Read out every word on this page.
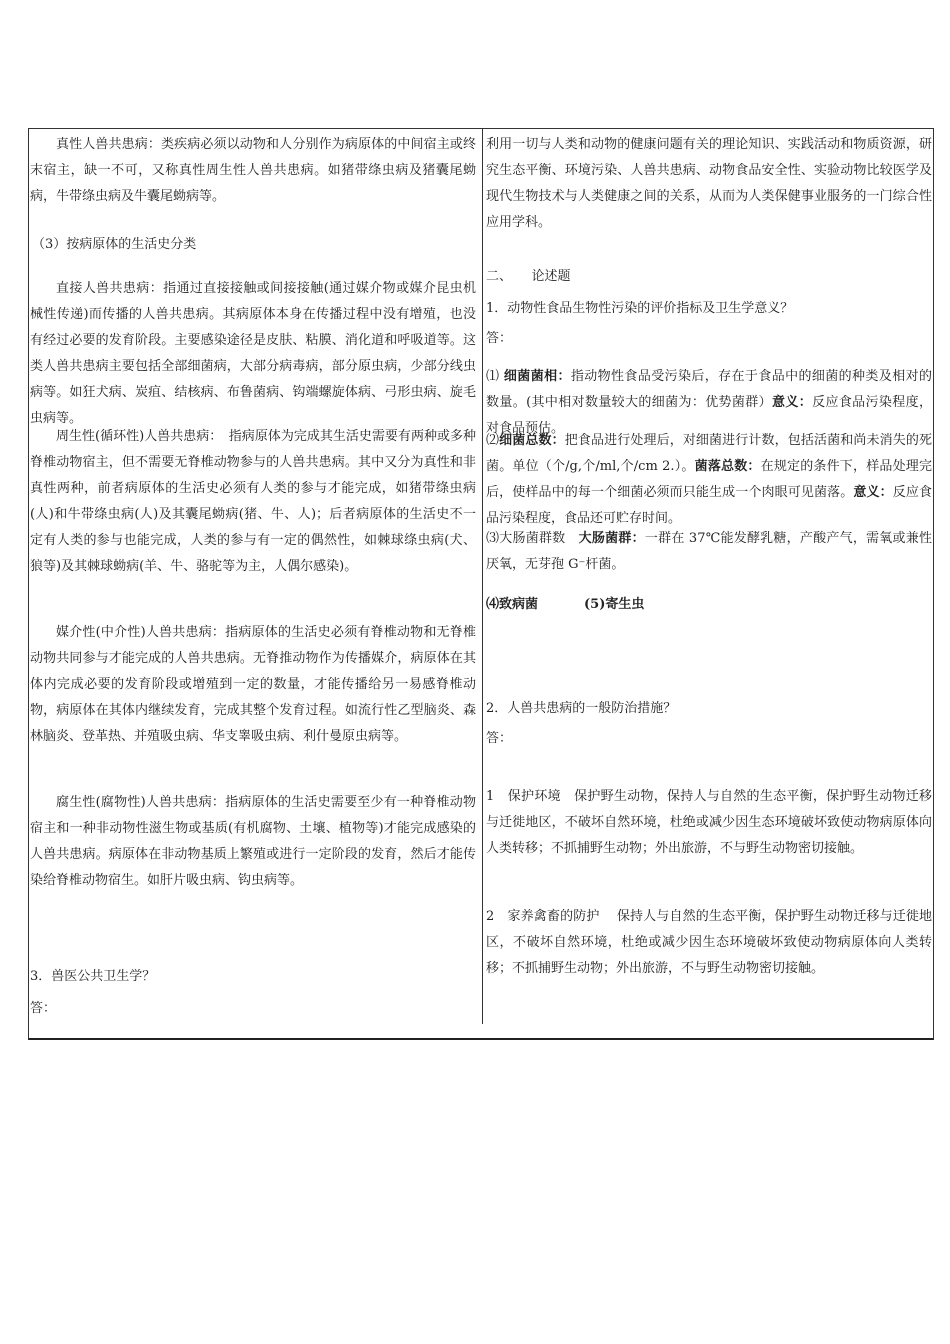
真性人兽共患病：类疾病必须以动物和人分别作为病原体的中间宿主或终末宿主，缺一不可，又称真性周生性人兽共患病。如猪带绦虫病及猪囊尾蚴病，牛带绦虫病及牛囊尾蚴病等。

（3）按病原体的生活史分类

直接人兽共患病：指通过直接接触或间接接触(通过媒介物或媒介昆虫机械性传递)而传播的人兽共患病。其病原体本身在传播过程中没有增殖，也没有经过必要的发育阶段。主要感染途径是皮肤、粘膜、消化道和呼吸道等。这类人兽共患病主要包括全部细菌病，大部分病毒病，部分原虫病，少部分线虫病等。如狂犬病、炭疽、结核病、布鲁菌病、钩端螺旋体病、弓形虫病、旋毛虫病等。

周生性(循环性)人兽共患病：　指病原体为完成其生活史需要有两种或多种脊椎动物宿主，但不需要无脊椎动物参与的人兽共患病。其中又分为真性和非真性两种，前者病原体的生活史必须有人类的参与才能完成，如猪带绦虫病(人)和牛带绦虫病(人)及其囊尾蚴病(猪、牛、人)；后者病原体的生活史不一定有人类的参与也能完成，人类的参与有一定的偶然性，如棘球绦虫病(犬、狼等)及其棘球蚴病(羊、牛、骆驼等为主，人偶尔感染)。

媒介性(中介性)人兽共患病：指病原体的生活史必须有脊椎动物和无脊椎动物共同参与才能完成的人兽共患病。无脊推动物作为传播媒介，病原体在其体内完成必要的发育阶段或增殖到一定的数量，才能传播给另一易感脊椎动物，病原体在其体内继续发育，完成其整个发育过程。如流行性乙型脑炎、森林脑炎、登革热、并殖吸虫病、华支睾吸虫病、利什曼原虫病等。

腐生性(腐物性)人兽共患病：指病原体的生活史需要至少有一种脊椎动物宿主和一种非动物性滋生物或基质(有机腐物、土壤、植物等)才能完成感染的人兽共患病。病原体在非动物基质上繁殖或进行一定阶段的发育，然后才能传染给脊椎动物宿生。如肝片吸虫病、钩虫病等。

3．兽医公共卫生学？

答：

利用一切与人类和动物的健康问题有关的理论知识、实践活动和物质资源，研究生态平衡、环境污染、人兽共患病、动物食品安全性、实验动物比较医学及现代生物技术与人类健康之间的关系，从而为人类保健事业服务的一门综合性应用学科。

二、　　论述题

1．动物性食品生物性污染的评价指标及卫生学意义？

答：

⑴ 细菌菌相：指动物性食品受污染后，存在于食品中的细菌的种类及相对的数量。(其中相对数量较大的细菌为：优势菌群）意义：反应食品污染程度，对食品预估。

⑵细菌总数：把食品进行处理后，对细菌进行计数，包括活菌和尚未消失的死菌。单位（个/g,个/ml,个/cm 2.）。菌落总数：在规定的条件下，样品处理完后，使样品中的每一个细菌必须而只能生成一个肉眼可见菌落。意义：反应食品污染程度，食品还可贮存时间。

⑶大肠菌群数　 大肠菌群：一群在 37℃能发酵乳糖，产酸产气，需氧或兼性厌氧，无芽孢 G⁻杆菌。

⑷致病菌	(5)寄生虫

2．人兽共患病的一般防治措施？

答：

1　保护环境　保护野生动物，保持人与自然的生态平衡，保护野生动物迁移与迁徙地区，不破坏自然环境，杜绝或减少因生态环境破坏致使动物病原体向人类转移；不抓捕野生动物；外出旅游，不与野生动物密切接触。

2　家养禽畜的防护　 保持人与自然的生态平衡，保护野生动物迁移与迁徙地区，不破坏自然环境，杜绝或减少因生态环境破坏致使动物病原体向人类转移；不抓捕野生动物；外出旅游，不与野生动物密切接触。
